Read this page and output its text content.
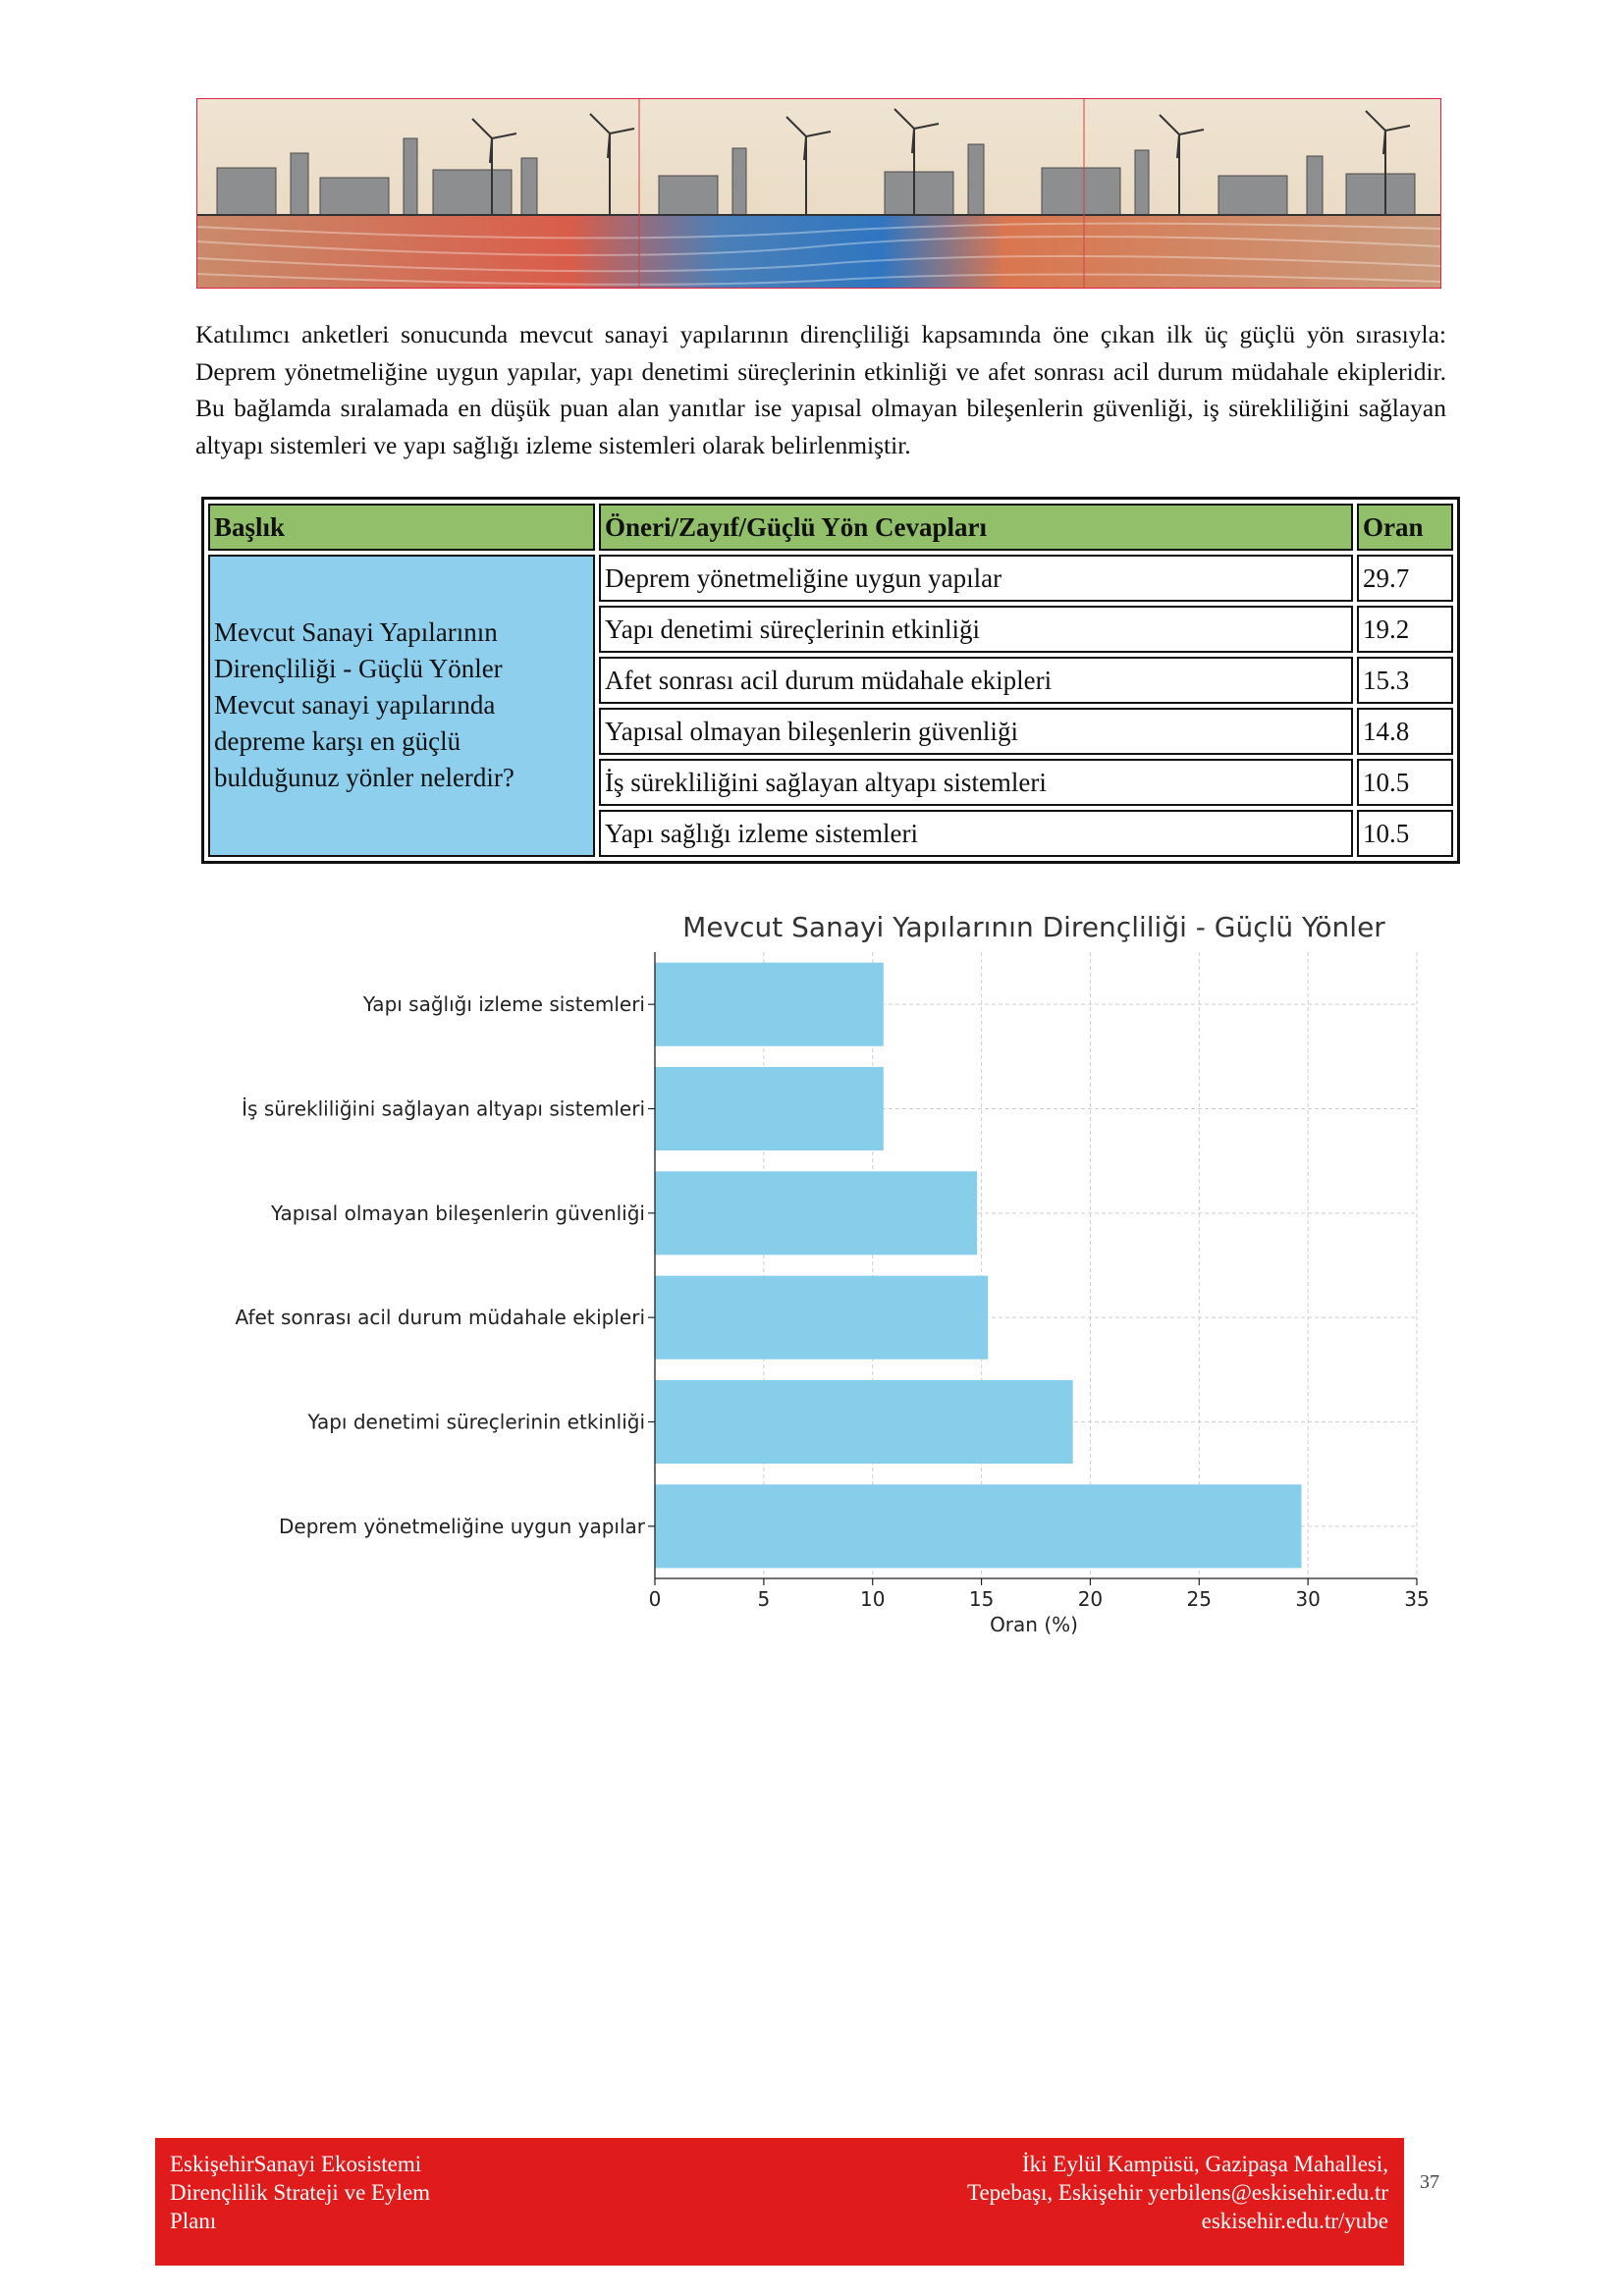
Katılımcı anketleri sonucunda mevcut sanayi yapılarının dirençliliği kapsamında öne çıkan ilk üç güçlü yön sırasıyla: Deprem yönetmeliğine uygun yapılar, yapı denetimi süreçlerinin etkinliği ve afet sonrası acil durum müdahale ekipleridir. Bu bağlamda sıralamada en düşük puan alan yanıtlar ise yapısal olmayan bileşenlerin güvenliği, iş sürekliliğini sağlayan altyapı sistemleri ve yapı sağlığı izleme sistemleri olarak belirlenmiştir.

Başlık	Öneri/Zayıf/Güçlü Yön Cevapları	Oran
Mevcut Sanayi Yapılarının Dirençliliği - Güçlü Yönler Mevcut sanayi yapılarında depreme karşı en güçlü bulduğunuz yönler nelerdir?	Deprem yönetmeliğine uygun yapılar	29.7
	Yapı denetimi süreçlerinin etkinliği	19.2
	Afet sonrası acil durum müdahale ekipleri	15.3
	Yapısal olmayan bileşenlerin güvenliği	14.8
	İş sürekliliğini sağlayan altyapı sistemleri	10.5
	Yapı sağlığı izleme sistemleri	10.5
Mevcut Sanayi Yapılarının Dirençliliği - Güçlü Yönler
Yapı sağlığı izleme sistemleri
İş sürekliliğini sağlayan altyapı sistemleri
Yapısal olmayan bileşenlerin güvenliği
Afet sonrası acil durum müdahale ekipleri
Yapı denetimi süreçlerinin etkinliği
Deprem yönetmeliğine uygun yapılar
0	5	10	15	20	25	30	35
Oran (%)
EskişehirSanayi Ekosistemi
Dirençlilik Strateji ve Eylem
Planı
İki Eylül Kampüsü, Gazipaşa Mahallesi,
Tepebaşı, Eskişehir yerbilens@eskisehir.edu.tr
eskisehir.edu.tr/yube
37
